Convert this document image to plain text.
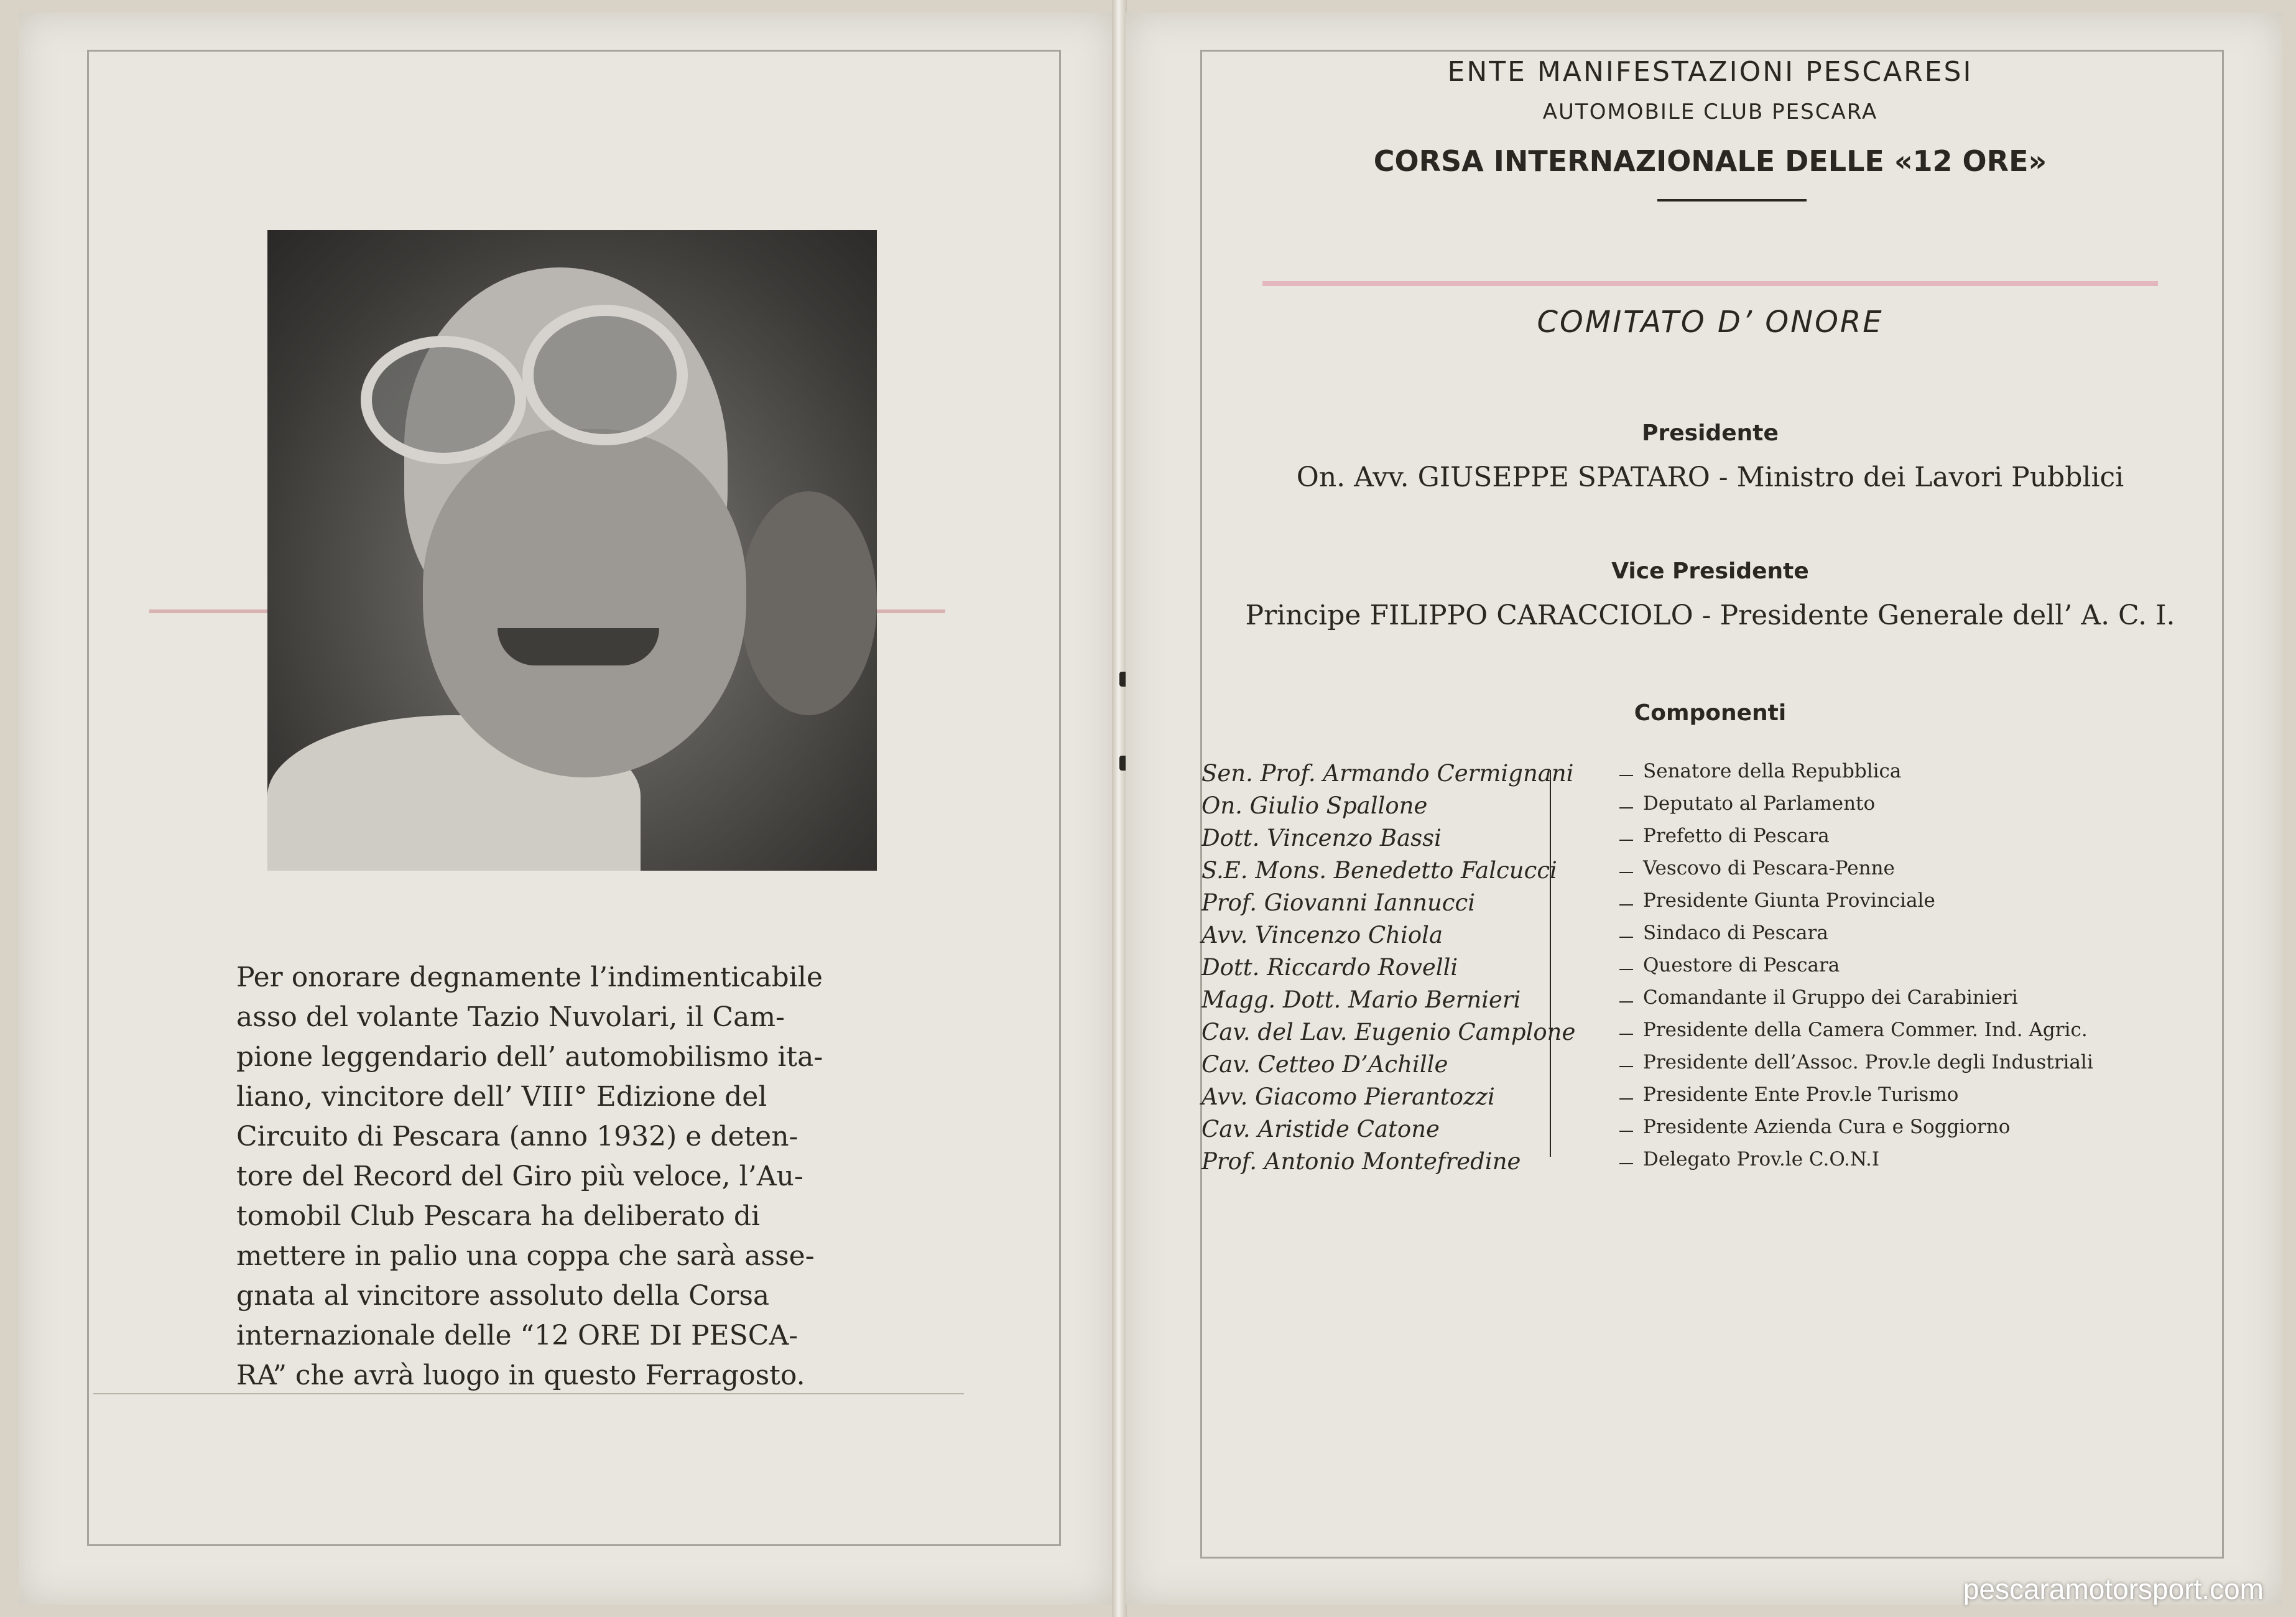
Per onorare degnamente l’indimenticabile
asso del volante Tazio Nuvolari, il Cam-
pione leggendario dell’ automobilismo ita-
liano, vincitore dell’ VIII° Edizione del
Circuito di Pescara (anno 1932) e deten-
tore del Record del Giro più veloce, l’Au-
tomobil Club Pescara ha deliberato di
mettere in palio una coppa che sarà asse-
gnata al vincitore assoluto della Corsa
internazionale delle “12 ORE DI PESCA-
RA” che avrà luogo in questo Ferragosto.
ENTE MANIFESTAZIONI PESCARESI
AUTOMOBILE CLUB PESCARA
CORSA INTERNAZIONALE DELLE «12 ORE»
COMITATO D’ ONORE
Presidente
On. Avv. GIUSEPPE SPATARO - Ministro dei Lavori Pubblici
Vice Presidente
Principe FILIPPO CARACCIOLO - Presidente Generale dell’ A. C. I.
Componenti
Sen. Prof. Armando Cermignani	Senatore della Repubblica
On. Giulio Spallone	Deputato al Parlamento
Dott. Vincenzo Bassi	Prefetto di Pescara
S.E. Mons. Benedetto Falcucci	Vescovo di Pescara-Penne
Prof. Giovanni Iannucci	Presidente Giunta Provinciale
Avv. Vincenzo Chiola	Sindaco di Pescara
Dott. Riccardo Rovelli	Questore di Pescara
Magg. Dott. Mario Bernieri	Comandante il Gruppo dei Carabinieri
Cav. del Lav. Eugenio Camplone	Presidente della Camera Commer. Ind. Agric.
Cav. Cetteo D’Achille	Presidente dell’Assoc. Prov.le degli Industriali
Avv. Giacomo Pierantozzi	Presidente Ente Prov.le Turismo
Cav. Aristide Catone	Presidente Azienda Cura e Soggiorno
Prof. Antonio Montefredine	Delegato Prov.le C.O.N.I
pescaramotorsport.com
